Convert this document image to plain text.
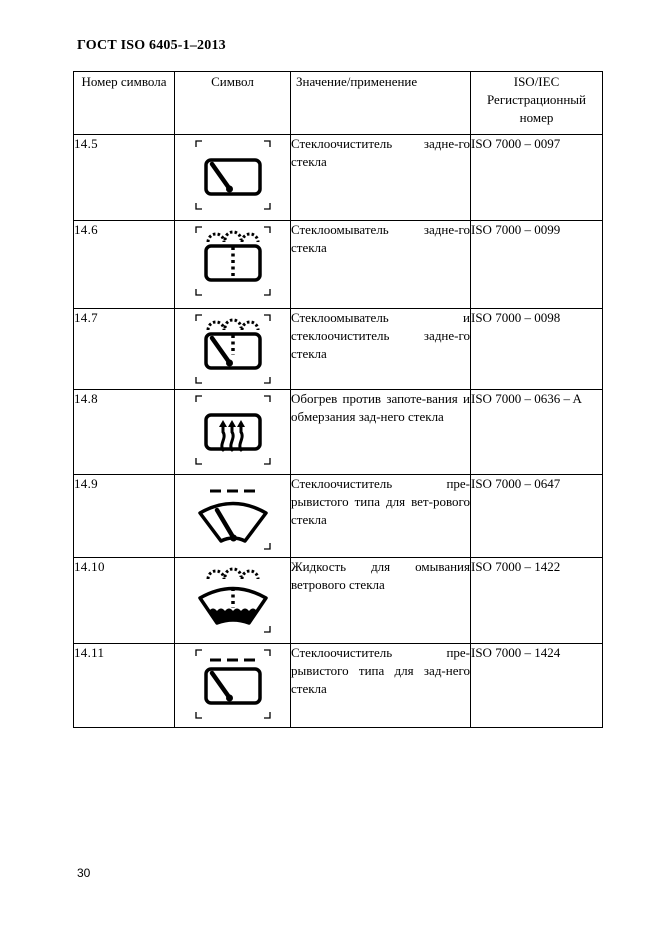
ГОСТ ISO 6405-1–2013
Номер символа	Символ	Значение/применение	ISO/IEC Регистрационный номер

14.5		Стеклоочиститель задне-го стекла	ISO 7000 – 0097
14.6		Стеклоомыватель задне-го стекла	ISO 7000 – 0099
14.7		Стеклоомыватель и стеклоочиститель задне-го стекла	ISO 7000 – 0098
14.8		Обогрев против запоте-вания и обмерзания зад-него стекла	ISO 7000 – 0636 – A
14.9		Стеклоочиститель пре-рывистого типа для вет-рового стекла	ISO 7000 – 0647
14.10		Жидкость для омывания ветрового стекла	ISO 7000 – 1422
14.11		Стеклоочиститель пре-рывистого типа для зад-него стекла	ISO 7000 – 1424
30
